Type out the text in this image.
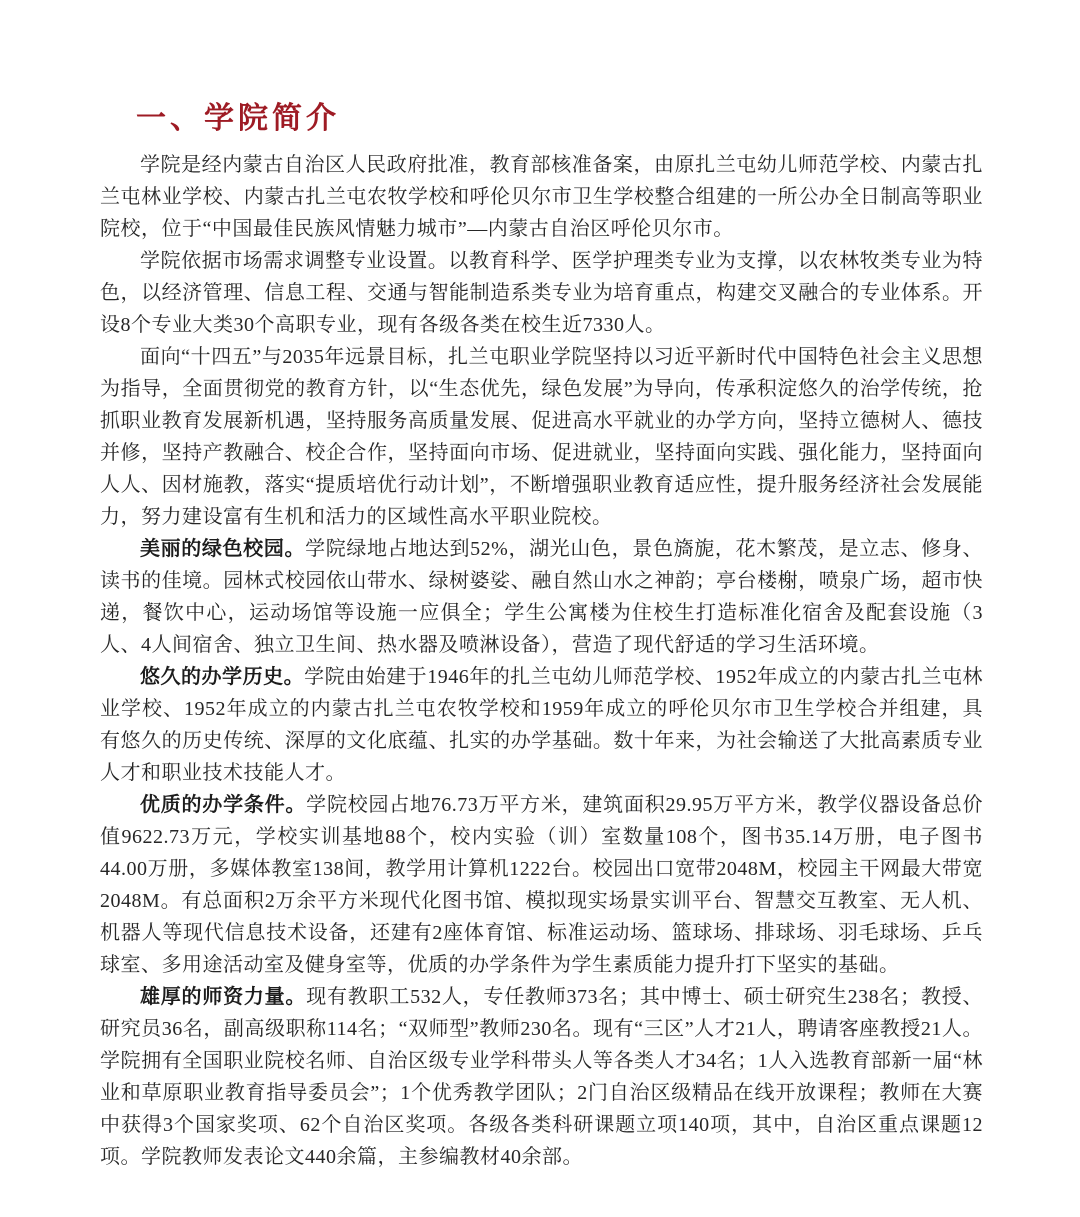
一、学院简介

学院是经内蒙古自治区人民政府批准，教育部核准备案，由原扎兰屯幼儿师范学校、内蒙古扎兰屯林业学校、内蒙古扎兰屯农牧学校和呼伦贝尔市卫生学校整合组建的一所公办全日制高等职业院校，位于“中国最佳民族风情魅力城市”—内蒙古自治区呼伦贝尔市。

学院依据市场需求调整专业设置。以教育科学、医学护理类专业为支撑，以农林牧类专业为特色，以经济管理、信息工程、交通与智能制造系类专业为培育重点，构建交叉融合的专业体系。开设8个专业大类30个高职专业，现有各级各类在校生近7330人。

面向“十四五”与2035年远景目标，扎兰屯职业学院坚持以习近平新时代中国特色社会主义思想为指导，全面贯彻党的教育方针，以“生态优先，绿色发展”为导向，传承积淀悠久的治学传统，抢抓职业教育发展新机遇，坚持服务高质量发展、促进高水平就业的办学方向，坚持立德树人、德技并修，坚持产教融合、校企合作，坚持面向市场、促进就业，坚持面向实践、强化能力，坚持面向人人、因材施教，落实“提质培优行动计划”，不断增强职业教育适应性，提升服务经济社会发展能力，努力建设富有生机和活力的区域性高水平职业院校。

美丽的绿色校园。学院绿地占地达到52%，湖光山色，景色旖旎，花木繁茂，是立志、修身、读书的佳境。园林式校园依山带水、绿树婆娑、融自然山水之神韵；亭台楼榭，喷泉广场，超市快递，餐饮中心，运动场馆等设施一应俱全；学生公寓楼为住校生打造标准化宿舍及配套设施（3人、4人间宿舍、独立卫生间、热水器及喷淋设备），营造了现代舒适的学习生活环境。

悠久的办学历史。学院由始建于1946年的扎兰屯幼儿师范学校、1952年成立的内蒙古扎兰屯林业学校、1952年成立的内蒙古扎兰屯农牧学校和1959年成立的呼伦贝尔市卫生学校合并组建，具有悠久的历史传统、深厚的文化底蕴、扎实的办学基础。数十年来，为社会输送了大批高素质专业人才和职业技术技能人才。

优质的办学条件。学院校园占地76.73万平方米，建筑面积29.95万平方米，教学仪器设备总价值9622.73万元，学校实训基地88个，校内实验（训）室数量108个，图书35.14万册，电子图书44.00万册，多媒体教室138间，教学用计算机1222台。校园出口宽带2048M，校园主干网最大带宽2048M。有总面积2万余平方米现代化图书馆、模拟现实场景实训平台、智慧交互教室、无人机、机器人等现代信息技术设备，还建有2座体育馆、标准运动场、篮球场、排球场、羽毛球场、乒乓球室、多用途活动室及健身室等，优质的办学条件为学生素质能力提升打下坚实的基础。

雄厚的师资力量。现有教职工532人，专任教师373名；其中博士、硕士研究生238名；教授、研究员36名，副高级职称114名；“双师型”教师230名。现有“三区”人才21人，聘请客座教授21人。学院拥有全国职业院校名师、自治区级专业学科带头人等各类人才34名；1人入选教育部新一届“林业和草原职业教育指导委员会”；1个优秀教学团队；2门自治区级精品在线开放课程；教师在大赛中获得3个国家奖项、62个自治区奖项。各级各类科研课题立项140项，其中，自治区重点课题12项。学院教师发表论文440余篇，主参编教材40余部。
